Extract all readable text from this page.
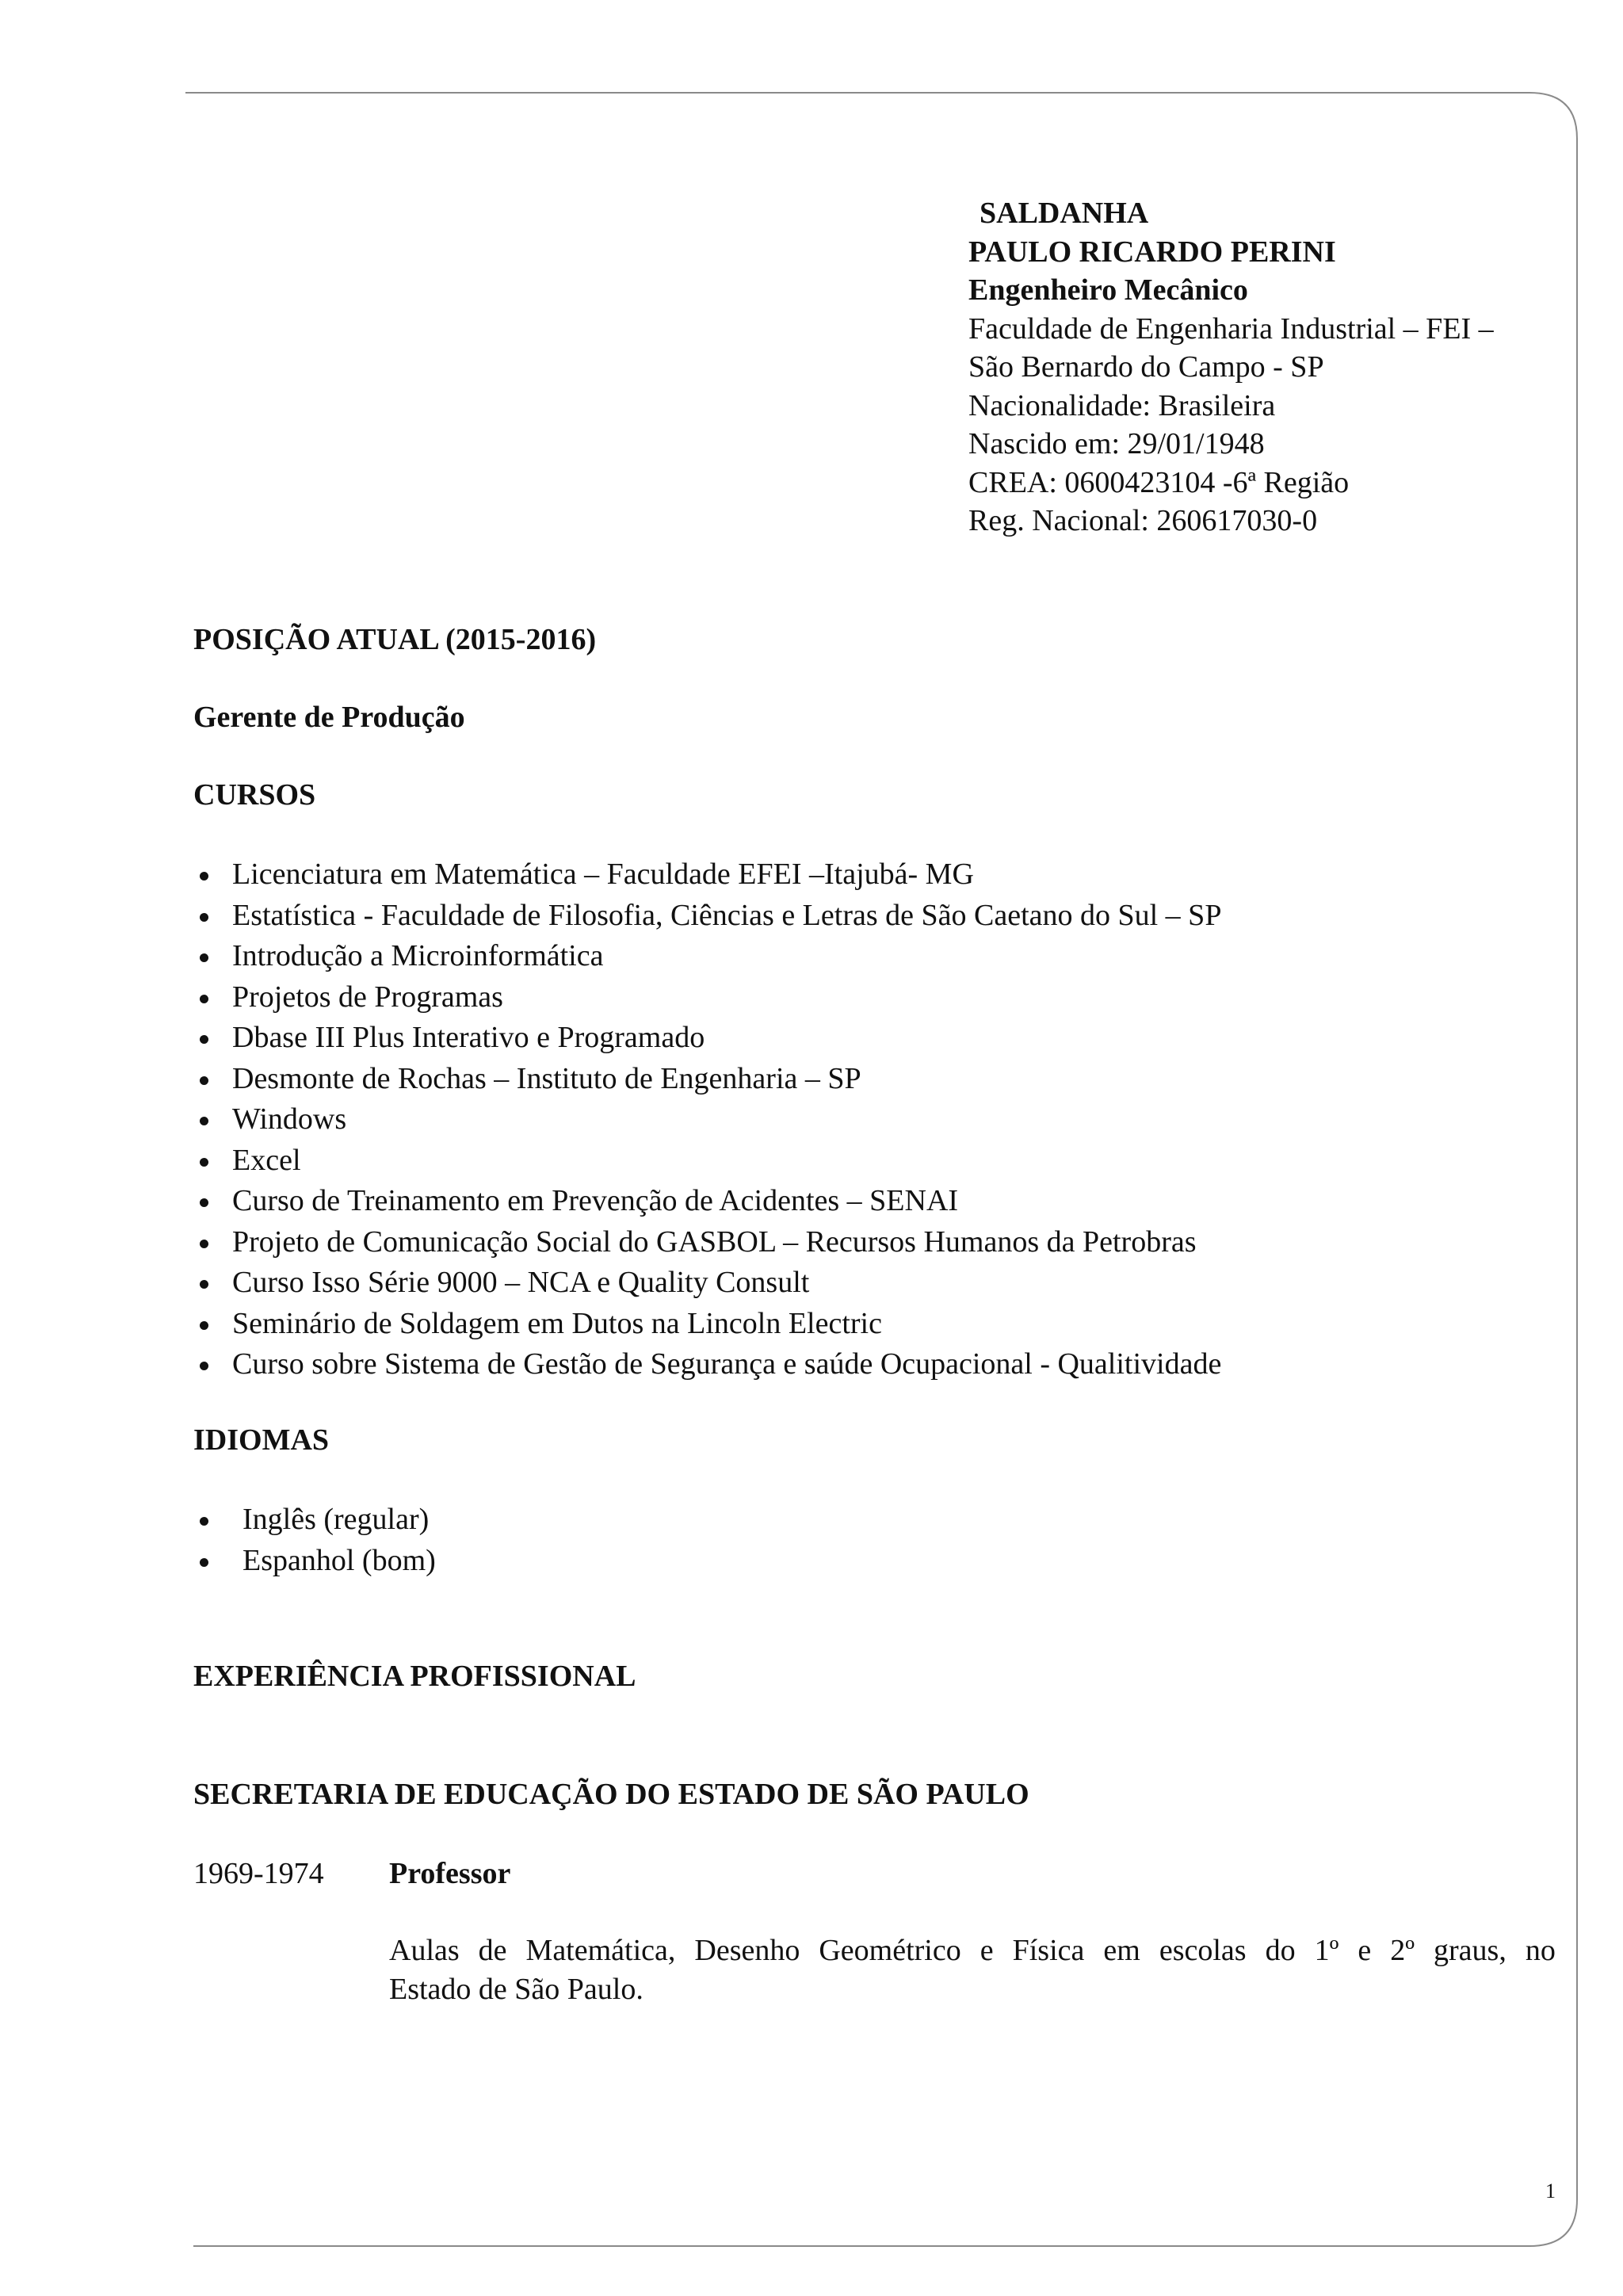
SALDANHA
PAULO RICARDO PERINI
Engenheiro Mecânico
Faculdade de Engenharia Industrial – FEI –
São Bernardo do Campo - SP
Nacionalidade: Brasileira
Nascido em: 29/01/1948
CREA: 0600423104 -6ª Região
Reg. Nacional: 260617030-0
POSIÇÃO ATUAL (2015-2016)
Gerente de Produção
CURSOS
Licenciatura em Matemática – Faculdade EFEI –Itajubá- MG
Estatística - Faculdade de Filosofia, Ciências e Letras de São Caetano do Sul – SP
Introdução a Microinformática
Projetos de Programas
Dbase III Plus Interativo e Programado
Desmonte de Rochas – Instituto de Engenharia – SP
Windows
Excel
Curso de Treinamento em Prevenção de Acidentes – SENAI
Projeto de Comunicação Social do GASBOL – Recursos Humanos da Petrobras
Curso Isso Série 9000 – NCA e Quality Consult
Seminário de Soldagem em Dutos na Lincoln Electric
Curso sobre Sistema de Gestão de Segurança e saúde Ocupacional - Qualitividade
IDIOMAS
Inglês (regular)
Espanhol (bom)
EXPERIÊNCIA PROFISSIONAL
SECRETARIA DE EDUCAÇÃO DO ESTADO DE SÃO PAULO
1969-1974 Professor
Aulas de Matemática, Desenho Geométrico e Física em escolas do 1º e 2º graus, no
Estado de São Paulo.
1
